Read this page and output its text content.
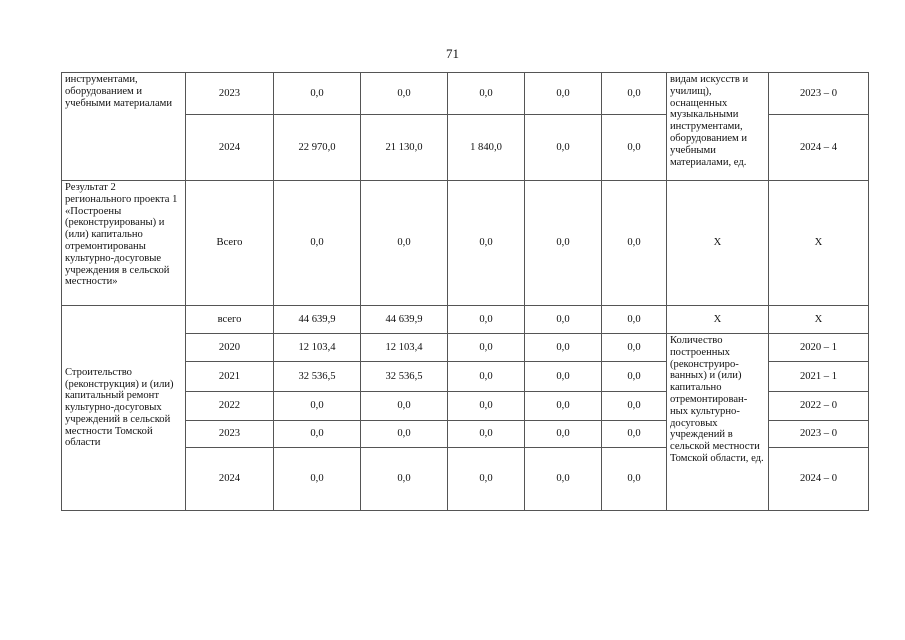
71
инструментами, оборудованием и учебными материалами	2023	0,0	0,0	0,0	0,0	0,0	видам искусств и училищ), оснащенных музыкальными инструментами, оборудованием и учебными материалами, ед.	2023 – 0
	2024	22 970,0	21 130,0	1 840,0	0,0	0,0		2024 – 4
Результат 2 регионального проекта 1 «Построены (реконструированы) и (или) капитально отремонтированы культурно-досуговые учреждения в сельской местности»	Всего	0,0	0,0	0,0	0,0	0,0	Х	Х
Строительство (реконструкция) и (или) капитальный ремонт культурно-досуговых учреждений в сельской местности Томской области	всего	44 639,9	44 639,9	0,0	0,0	0,0	Х	Х
	2020	12 103,4	12 103,4	0,0	0,0	0,0	Количество построенных (реконструиро-ванных) и (или) капитально отремонтирован-ных культурно-досуговых учреждений в сельской местности Томской области, ед.	2020 – 1
	2021	32 536,5	32 536,5	0,0	0,0	0,0		2021 – 1
	2022	0,0	0,0	0,0	0,0	0,0		2022 – 0
	2023	0,0	0,0	0,0	0,0	0,0		2023 – 0
	2024	0,0	0,0	0,0	0,0	0,0		2024 – 0
